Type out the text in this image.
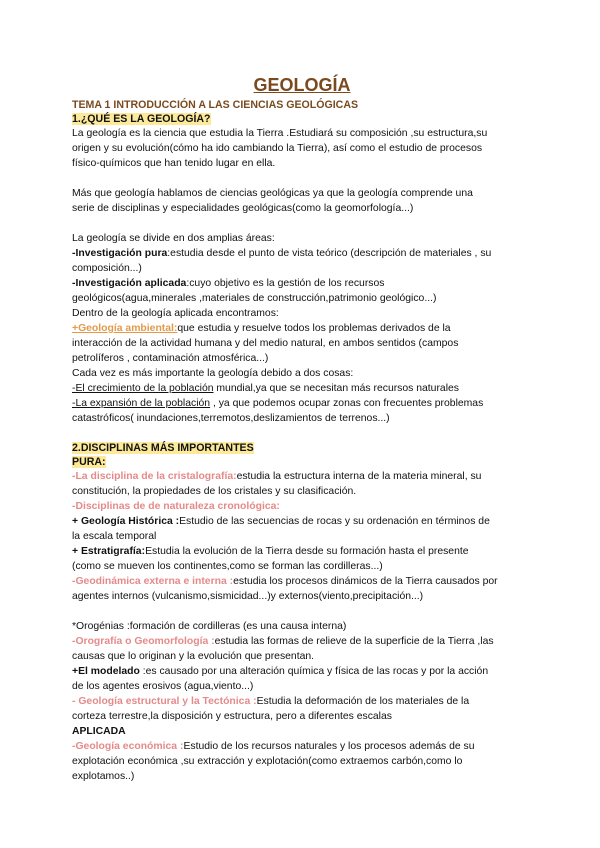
GEOLOGÍA
TEMA 1 INTRODUCCIÓN A LAS CIENCIAS GEOLÓGICAS
1.¿QUÉ ES LA GEOLOGÍA?

La geología es la ciencia que estudia la Tierra .Estudiará su composición ,su estructura,su
origen y su evolución(cómo ha ido cambiando la Tierra), así como el estudio de procesos
físico-químicos que han tenido lugar en ella.

Más que geología hablamos de ciencias geológicas ya que la geología comprende una
serie de disciplinas y especialidades geológicas(como la geomorfología...)

La geología se divide en dos amplias áreas:
-Investigación pura:estudia desde el punto de vista teórico (descripción de materiales , su
composición...)
-Investigación aplicada:cuyo objetivo es la gestión de los recursos
geológicos(agua,minerales ,materiales de construcción,patrimonio geológico...)
Dentro de la geología aplicada encontramos:
+Geología ambiental:que estudia y resuelve todos los problemas derivados de la
interacción de la actividad humana y del medio natural, en ambos sentidos (campos
petrolíferos , contaminación atmosférica...)
Cada vez es más importante la geología debido a dos cosas:
-El crecimiento de la población mundial,ya que se necesitan más recursos naturales
-La expansión de la población , ya que podemos ocupar zonas con frecuentes problemas
catastróficos( inundaciones,terremotos,deslizamientos de terrenos...)

2.DISCIPLINAS MÁS IMPORTANTES
PURA:

-La disciplina de la cristalografía:estudia la estructura interna de la materia mineral, su
constitución, la propiedades de los cristales y su clasificación.
-Disciplinas de de naturaleza cronológica:
+ Geología Histórica :Estudio de las secuencias de rocas y su ordenación en términos de
la escala temporal
+ Estratigrafía:Estudia la evolución de la Tierra desde su formación hasta el presente
(como se mueven los continentes,como se forman las cordilleras...)
-Geodinámica externa e interna :estudia los procesos dinámicos de la Tierra causados por
agentes internos (vulcanismo,sismicidad...)y externos(viento,precipitación...)

*Orogénias :formación de cordilleras (es una causa interna)
-Orografía o Geomorfología :estudia las formas de relieve de la superficie de la Tierra ,las
causas que lo originan y la evolución que presentan.
+El modelado :es causado por una alteración química y física de las rocas y por la acción
de los agentes erosivos (agua,viento...)
- Geología estructural y la Tectónica :Estudia la deformación de los materiales de la
corteza terrestre,la disposición y estructura, pero a diferentes escalas
APLICADA
-Geología económica :Estudio de los recursos naturales y los procesos además de su
explotación económica ,su extracción y explotación(como extraemos carbón,como lo
explotamos..)
